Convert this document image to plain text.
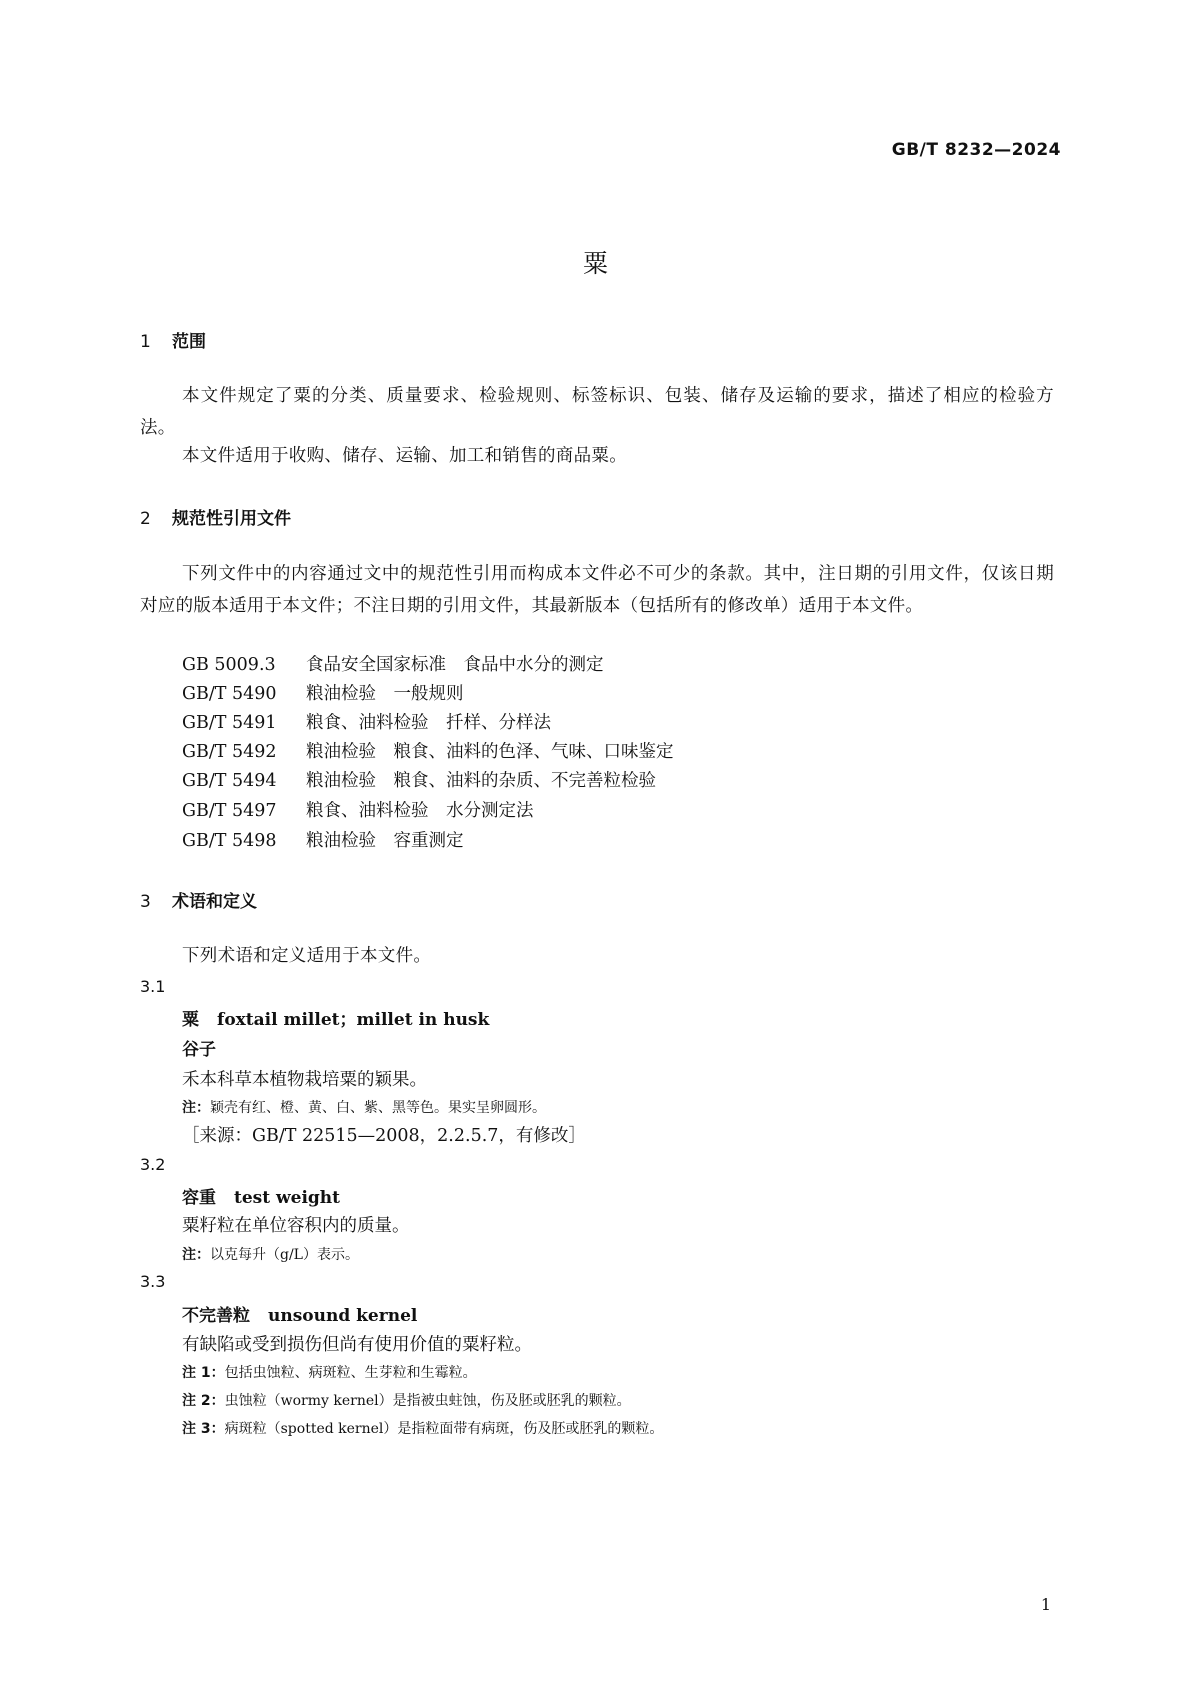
GB/T 8232—2024
粟
1 范围
本文件规定了粟的分类、质量要求、检验规则、标签标识、包装、储存及运输的要求，描述了相应的检验方法。
本文件适用于收购、储存、运输、加工和销售的商品粟。
2 规范性引用文件
下列文件中的内容通过文中的规范性引用而构成本文件必不可少的条款。其中，注日期的引用文件，仅该日期对应的版本适用于本文件；不注日期的引用文件，其最新版本（包括所有的修改单）适用于本文件。
GB 5009.3 食品安全国家标准　食品中水分的测定
GB/T 5490 粮油检验　一般规则
GB/T 5491 粮食、油料检验　扦样、分样法
GB/T 5492 粮油检验　粮食、油料的色泽、气味、口味鉴定
GB/T 5494 粮油检验　粮食、油料的杂质、不完善粒检验
GB/T 5497 粮食、油料检验　水分测定法
GB/T 5498 粮油检验　容重测定
3 术语和定义
下列术语和定义适用于本文件。
3.1
粟 foxtail millet；millet in husk
谷子
禾本科草本植物栽培粟的颖果。
注：颖壳有红、橙、黄、白、紫、黑等色。果实呈卵圆形。
［来源：GB/T 22515—2008，2.2.5.7，有修改］
3.2
容重 test weight
粟籽粒在单位容积内的质量。
注：以克每升（g/L）表示。
3.3
不完善粒 unsound kernel
有缺陷或受到损伤但尚有使用价值的粟籽粒。
注 1：包括虫蚀粒、病斑粒、生芽粒和生霉粒。
注 2：虫蚀粒（wormy kernel）是指被虫蛀蚀，伤及胚或胚乳的颗粒。
注 3：病斑粒（spotted kernel）是指粒面带有病斑，伤及胚或胚乳的颗粒。
1
